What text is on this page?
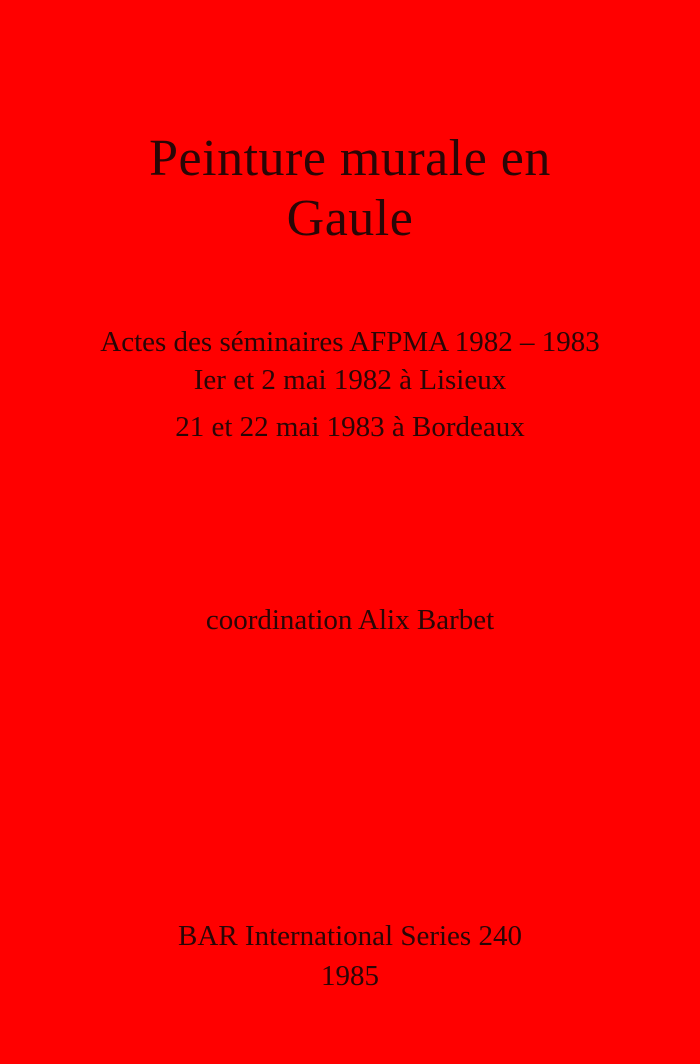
Peinture murale en
Gaule

Actes des séminaires AFPMA 1982 – 1983

Ier et 2 mai 1982 à Lisieux

21 et 22 mai 1983 à Bordeaux

coordination Alix Barbet

BAR International Series 240

1985
